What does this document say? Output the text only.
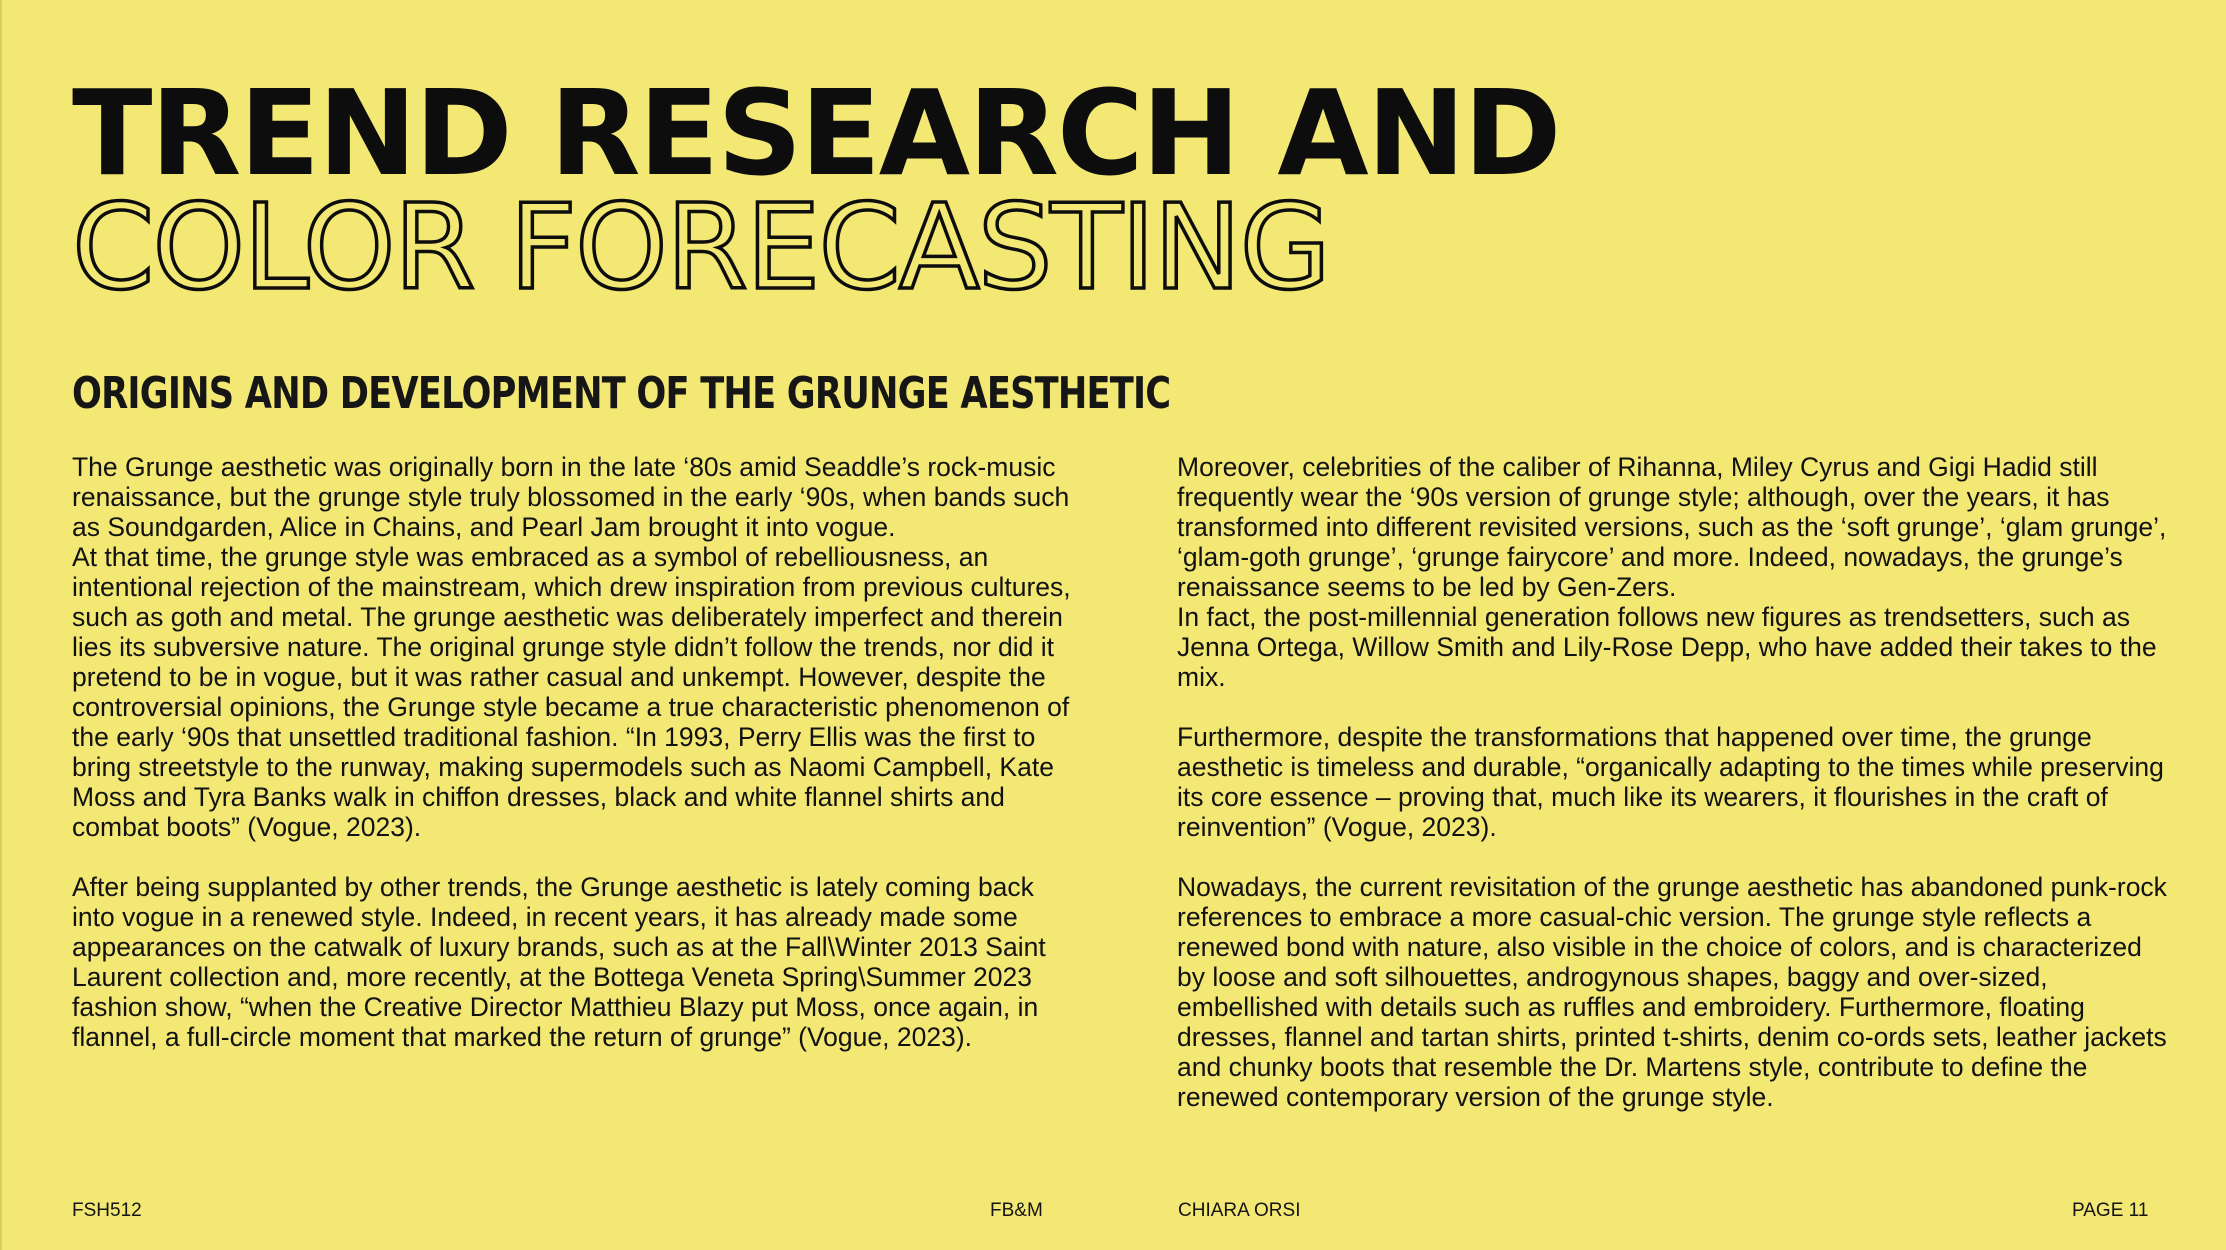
TREND RESEARCH AND
COLOR FORECASTING
ORIGINS AND DEVELOPMENT OF THE GRUNGE AESTHETIC

The Grunge aesthetic was originally born in the late ‘80s amid Seaddle’s rock-music renaissance, but the grunge style truly blossomed in the early ‘90s, when bands such as Soundgarden, Alice in Chains, and Pearl Jam brought it into vogue.

At that time, the grunge style was embraced as a symbol of rebelliousness, an intentional rejection of the mainstream, which drew inspiration from previous cultures, such as goth and metal. The grunge aesthetic was deliberately imperfect and therein lies its subversive nature. The original grunge style didn’t follow the trends, nor did it pretend to be in vogue, but it was rather casual and unkempt. However, despite the controversial opinions, the Grunge style became a true characteristic phenomenon of the early ‘90s that unsettled traditional fashion. “In 1993, Perry Ellis was the first to bring streetstyle to the runway, making supermodels such as Naomi Campbell, Kate Moss and Tyra Banks walk in chiffon dresses, black and white flannel shirts and combat boots” (Vogue, 2023).

After being supplanted by other trends, the Grunge aesthetic is lately coming back into vogue in a renewed style. Indeed, in recent years, it has already made some appearances on the catwalk of luxury brands, such as at the Fall\Winter 2013 Saint Laurent collection and, more recently, at the Bottega Veneta Spring\Summer 2023 fashion show, “when the Creative Director Matthieu Blazy put Moss, once again, in flannel, a full-circle moment that marked the return of grunge” (Vogue, 2023).

Moreover, celebrities of the caliber of Rihanna, Miley Cyrus and Gigi Hadid still frequently wear the ‘90s version of grunge style; although, over the years, it has transformed into different revisited versions, such as the ‘soft grunge’, ‘glam grunge’, ‘glam-goth grunge’, ‘grunge fairycore’ and more. Indeed, nowadays, the grunge’s renaissance seems to be led by Gen-Zers.

In fact, the post-millennial generation follows new figures as trendsetters, such as Jenna Ortega, Willow Smith and Lily-Rose Depp, who have added their takes to the mix.

Furthermore, despite the transformations that happened over time, the grunge aesthetic is timeless and durable, “organically adapting to the times while preserving its core essence – proving that, much like its wearers, it flourishes in the craft of reinvention” (Vogue, 2023).

Nowadays, the current revisitation of the grunge aesthetic has abandoned punk-rock references to embrace a more casual-chic version. The grunge style reflects a renewed bond with nature, also visible in the choice of colors, and is characterized by loose and soft silhouettes, androgynous shapes, baggy and over-sized, embellished with details such as ruffles and embroidery. Furthermore, floating dresses, flannel and tartan shirts, printed t-shirts, denim co-ords sets, leather jackets and chunky boots that resemble the Dr. Martens style, contribute to define the renewed contemporary version of the grunge style.

FSH512	FB&M	CHIARA ORSI	PAGE 11
